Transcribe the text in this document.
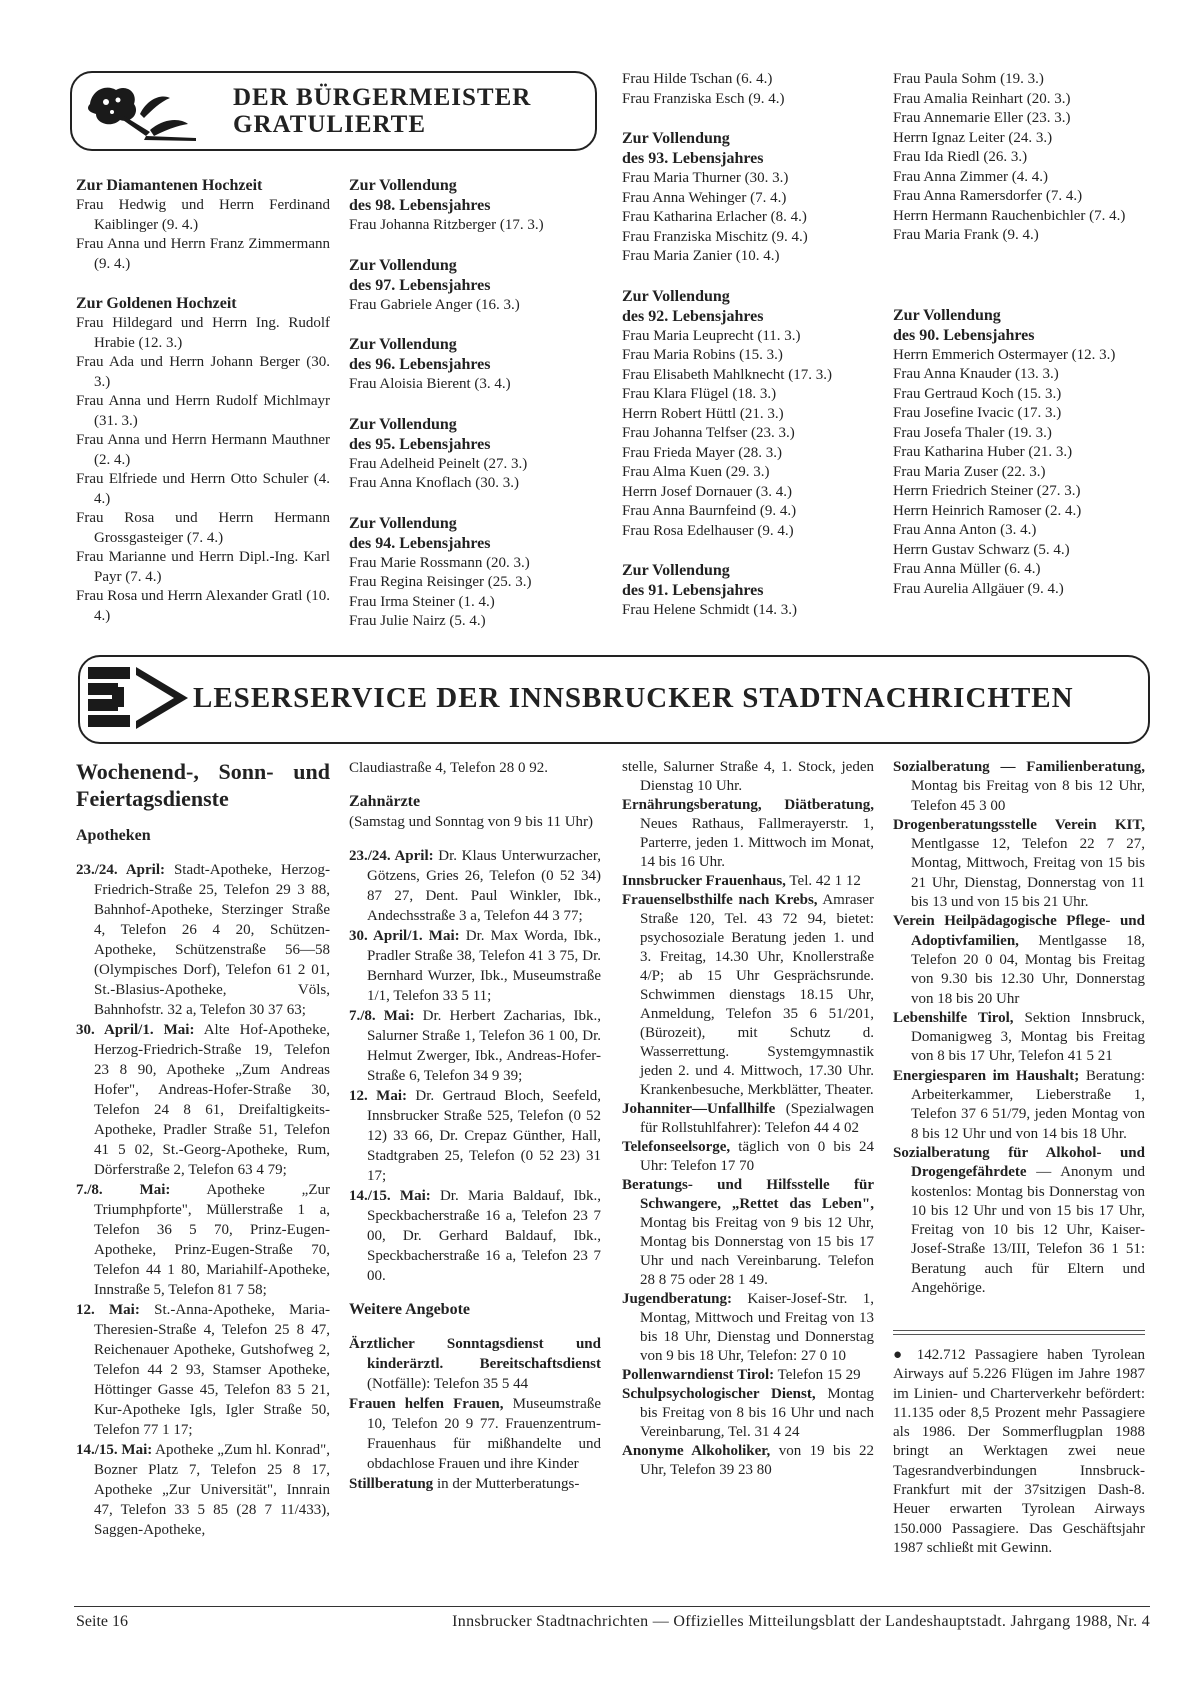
DER BÜRGERMEISTER
GRATULIERTE
Zur Diamantenen Hochzeit
Frau Hedwig und Herrn Ferdinand Kaiblinger (9. 4.)
Frau Anna und Herrn Franz Zimmermann (9. 4.)
Zur Goldenen Hochzeit
Frau Hildegard und Herrn Ing. Rudolf Hrabie (12. 3.)
Frau Ada und Herrn Johann Berger (30. 3.)
Frau Anna und Herrn Rudolf Michlmayr (31. 3.)
Frau Anna und Herrn Hermann Mauthner (2. 4.)
Frau Elfriede und Herrn Otto Schuler (4. 4.)
Frau Rosa und Herrn Hermann Grossgasteiger (7. 4.)
Frau Marianne und Herrn Dipl.-Ing. Karl Payr (7. 4.)
Frau Rosa und Herrn Alexander Gratl (10. 4.)
Zur Vollendung
des 98. Lebensjahres
Frau Johanna Ritzberger (17. 3.)
Zur Vollendung
des 97. Lebensjahres
Frau Gabriele Anger (16. 3.)
Zur Vollendung
des 96. Lebensjahres
Frau Aloisia Bierent (3. 4.)
Zur Vollendung
des 95. Lebensjahres
Frau Adelheid Peinelt (27. 3.)
Frau Anna Knoflach (30. 3.)
Zur Vollendung
des 94. Lebensjahres
Frau Marie Rossmann (20. 3.)
Frau Regina Reisinger (25. 3.)
Frau Irma Steiner (1. 4.)
Frau Julie Nairz (5. 4.)
Frau Hilde Tschan (6. 4.)
Frau Franziska Esch (9. 4.)
Zur Vollendung
des 93. Lebensjahres
Frau Maria Thurner (30. 3.)
Frau Anna Wehinger (7. 4.)
Frau Katharina Erlacher (8. 4.)
Frau Franziska Mischitz (9. 4.)
Frau Maria Zanier (10. 4.)
Zur Vollendung
des 92. Lebensjahres
Frau Maria Leuprecht (11. 3.)
Frau Maria Robins (15. 3.)
Frau Elisabeth Mahlknecht (17. 3.)
Frau Klara Flügel (18. 3.)
Herrn Robert Hüttl (21. 3.)
Frau Johanna Telfser (23. 3.)
Frau Frieda Mayer (28. 3.)
Frau Alma Kuen (29. 3.)
Herrn Josef Dornauer (3. 4.)
Frau Anna Baurnfeind (9. 4.)
Frau Rosa Edelhauser (9. 4.)
Zur Vollendung
des 91. Lebensjahres
Frau Helene Schmidt (14. 3.)
Frau Paula Sohm (19. 3.)
Frau Amalia Reinhart (20. 3.)
Frau Annemarie Eller (23. 3.)
Herrn Ignaz Leiter (24. 3.)
Frau Ida Riedl (26. 3.)
Frau Anna Zimmer (4. 4.)
Frau Anna Ramersdorfer (7. 4.)
Herrn Hermann Rauchenbichler (7. 4.)
Frau Maria Frank (9. 4.)
Zur Vollendung
des 90. Lebensjahres
Herrn Emmerich Ostermayer (12. 3.)
Frau Anna Knauder (13. 3.)
Frau Gertraud Koch (15. 3.)
Frau Josefine Ivacic (17. 3.)
Frau Josefa Thaler (19. 3.)
Frau Katharina Huber (21. 3.)
Frau Maria Zuser (22. 3.)
Herrn Friedrich Steiner (27. 3.)
Herrn Heinrich Ramoser (2. 4.)
Frau Anna Anton (3. 4.)
Herrn Gustav Schwarz (5. 4.)
Frau Anna Müller (6. 4.)
Frau Aurelia Allgäuer (9. 4.)
LESERSERVICE DER INNSBRUCKER STADTNACHRICHTEN
Wochenend-, Sonn- und Feiertagsdienste
Apotheken
23./24. April: Stadt-Apotheke, Herzog-Friedrich-Straße 25, Telefon 29 3 88, Bahnhof-Apotheke, Sterzinger Straße 4, Telefon 26 4 20, Schützen-Apotheke, Schützenstraße 56—58 (Olympisches Dorf), Telefon 61 2 01, St.-Blasius-Apotheke, Völs, Bahnhofstr. 32 a, Telefon 30 37 63;
30. April/1. Mai: Alte Hof-Apotheke, Herzog-Friedrich-Straße 19, Telefon 23 8 90, Apotheke „Zum Andreas Hofer", Andreas-Hofer-Straße 30, Telefon 24 8 61, Dreifaltigkeits-Apotheke, Pradler Straße 51, Telefon 41 5 02, St.-Georg-Apotheke, Rum, Dörferstraße 2, Telefon 63 4 79;
7./8. Mai: Apotheke „Zur Triumphpforte", Müllerstraße 1 a, Telefon 36 5 70, Prinz-Eugen-Apotheke, Prinz-Eugen-Straße 70, Telefon 44 1 80, Mariahilf-Apotheke, Innstraße 5, Telefon 81 7 58;
12. Mai: St.-Anna-Apotheke, Maria-Theresien-Straße 4, Telefon 25 8 47, Reichenauer Apotheke, Gutshofweg 2, Telefon 44 2 93, Stamser Apotheke, Höttinger Gasse 45, Telefon 83 5 21, Kur-Apotheke Igls, Igler Straße 50, Telefon 77 1 17;
14./15. Mai: Apotheke „Zum hl. Konrad", Bozner Platz 7, Telefon 25 8 17, Apotheke „Zur Universität", Innrain 47, Telefon 33 5 85 (28 7 11/433), Saggen-Apotheke,
Claudiastraße 4, Telefon 28 0 92.
Zahnärzte
(Samstag und Sonntag von 9 bis 11 Uhr)
23./24. April: Dr. Klaus Unterwurzacher, Götzens, Gries 26, Telefon (0 52 34) 87 27, Dent. Paul Winkler, Ibk., Andechsstraße 3 a, Telefon 44 3 77;
30. April/1. Mai: Dr. Max Worda, Ibk., Pradler Straße 38, Telefon 41 3 75, Dr. Bernhard Wurzer, Ibk., Museumstraße 1/1, Telefon 33 5 11;
7./8. Mai: Dr. Herbert Zacharias, Ibk., Salurner Straße 1, Telefon 36 1 00, Dr. Helmut Zwerger, Ibk., Andreas-Hofer-Straße 6, Telefon 34 9 39;
12. Mai: Dr. Gertraud Bloch, Seefeld, Innsbrucker Straße 525, Telefon (0 52 12) 33 66, Dr. Crepaz Günther, Hall, Stadtgraben 25, Telefon (0 52 23) 31 17;
14./15. Mai: Dr. Maria Baldauf, Ibk., Speckbacherstraße 16 a, Telefon 23 7 00, Dr. Gerhard Baldauf, Ibk., Speckbacherstraße 16 a, Telefon 23 7 00.
Weitere Angebote
Ärztlicher Sonntagsdienst und kinderärztl. Bereitschaftsdienst (Notfälle): Telefon 35 5 44
Frauen helfen Frauen, Museumstraße 10, Telefon 20 9 77. Frauenzentrum-Frauenhaus für mißhandelte und obdachlose Frauen und ihre Kinder
Stillberatung in der Mutterberatungs-
stelle, Salurner Straße 4, 1. Stock, jeden Dienstag 10 Uhr.
Ernährungsberatung, Diätberatung, Neues Rathaus, Fallmerayerstr. 1, Parterre, jeden 1. Mittwoch im Monat, 14 bis 16 Uhr.
Innsbrucker Frauenhaus, Tel. 42 1 12
Frauenselbsthilfe nach Krebs, Amraser Straße 120, Tel. 43 72 94, bietet: psychosoziale Beratung jeden 1. und 3. Freitag, 14.30 Uhr, Knollerstraße 4/P; ab 15 Uhr Gesprächsrunde. Schwimmen dienstags 18.15 Uhr, Anmeldung, Telefon 35 6 51/201, (Bürozeit), mit Schutz d. Wasserrettung. Systemgymnastik jeden 2. und 4. Mittwoch, 17.30 Uhr. Krankenbesuche, Merkblätter, Theater.
Johanniter—Unfallhilfe (Spezialwagen für Rollstuhlfahrer): Telefon 44 4 02
Telefonseelsorge, täglich von 0 bis 24 Uhr: Telefon 17 70
Beratungs- und Hilfsstelle für Schwangere, „Rettet das Leben", Montag bis Freitag von 9 bis 12 Uhr, Montag bis Donnerstag von 15 bis 17 Uhr und nach Vereinbarung. Telefon 28 8 75 oder 28 1 49.
Jugendberatung: Kaiser-Josef-Str. 1, Montag, Mittwoch und Freitag von 13 bis 18 Uhr, Dienstag und Donnerstag von 9 bis 18 Uhr, Telefon: 27 0 10
Pollenwarndienst Tirol: Telefon 15 29
Schulpsychologischer Dienst, Montag bis Freitag von 8 bis 16 Uhr und nach Vereinbarung, Tel. 31 4 24
Anonyme Alkoholiker, von 19 bis 22 Uhr, Telefon 39 23 80
Sozialberatung — Familienberatung, Montag bis Freitag von 8 bis 12 Uhr, Telefon 45 3 00
Drogenberatungsstelle Verein KIT, Mentlgasse 12, Telefon 22 7 27, Montag, Mittwoch, Freitag von 15 bis 21 Uhr, Dienstag, Donnerstag von 11 bis 13 und von 15 bis 21 Uhr.
Verein Heilpädagogische Pflege- und Adoptivfamilien, Mentlgasse 18, Telefon 20 0 04, Montag bis Freitag von 9.30 bis 12.30 Uhr, Donnerstag von 18 bis 20 Uhr
Lebenshilfe Tirol, Sektion Innsbruck, Domanigweg 3, Montag bis Freitag von 8 bis 17 Uhr, Telefon 41 5 21
Energiesparen im Haushalt; Beratung: Arbeiterkammer, Lieberstraße 1, Telefon 37 6 51/79, jeden Montag von 8 bis 12 Uhr und von 14 bis 18 Uhr.
Sozialberatung für Alkohol- und Drogengefährdete — Anonym und kostenlos: Montag bis Donnerstag von 10 bis 12 Uhr und von 15 bis 17 Uhr, Freitag von 10 bis 12 Uhr, Kaiser-Josef-Straße 13/III, Telefon 36 1 51: Beratung auch für Eltern und Angehörige.
● 142.712 Passagiere haben Tyrolean Airways auf 5.226 Flügen im Jahre 1987 im Linien- und Charterverkehr befördert: 11.135 oder 8,5 Prozent mehr Passagiere als 1986. Der Sommerflugplan 1988 bringt an Werktagen zwei neue Tagesrandverbindungen Innsbruck-Frankfurt mit der 37sitzigen Dash-8. Heuer erwarten Tyrolean Airways 150.000 Passagiere. Das Geschäftsjahr 1987 schließt mit Gewinn.
Seite 16	Innsbrucker Stadtnachrichten — Offizielles Mitteilungsblatt der Landeshauptstadt. Jahrgang 1988, Nr. 4
